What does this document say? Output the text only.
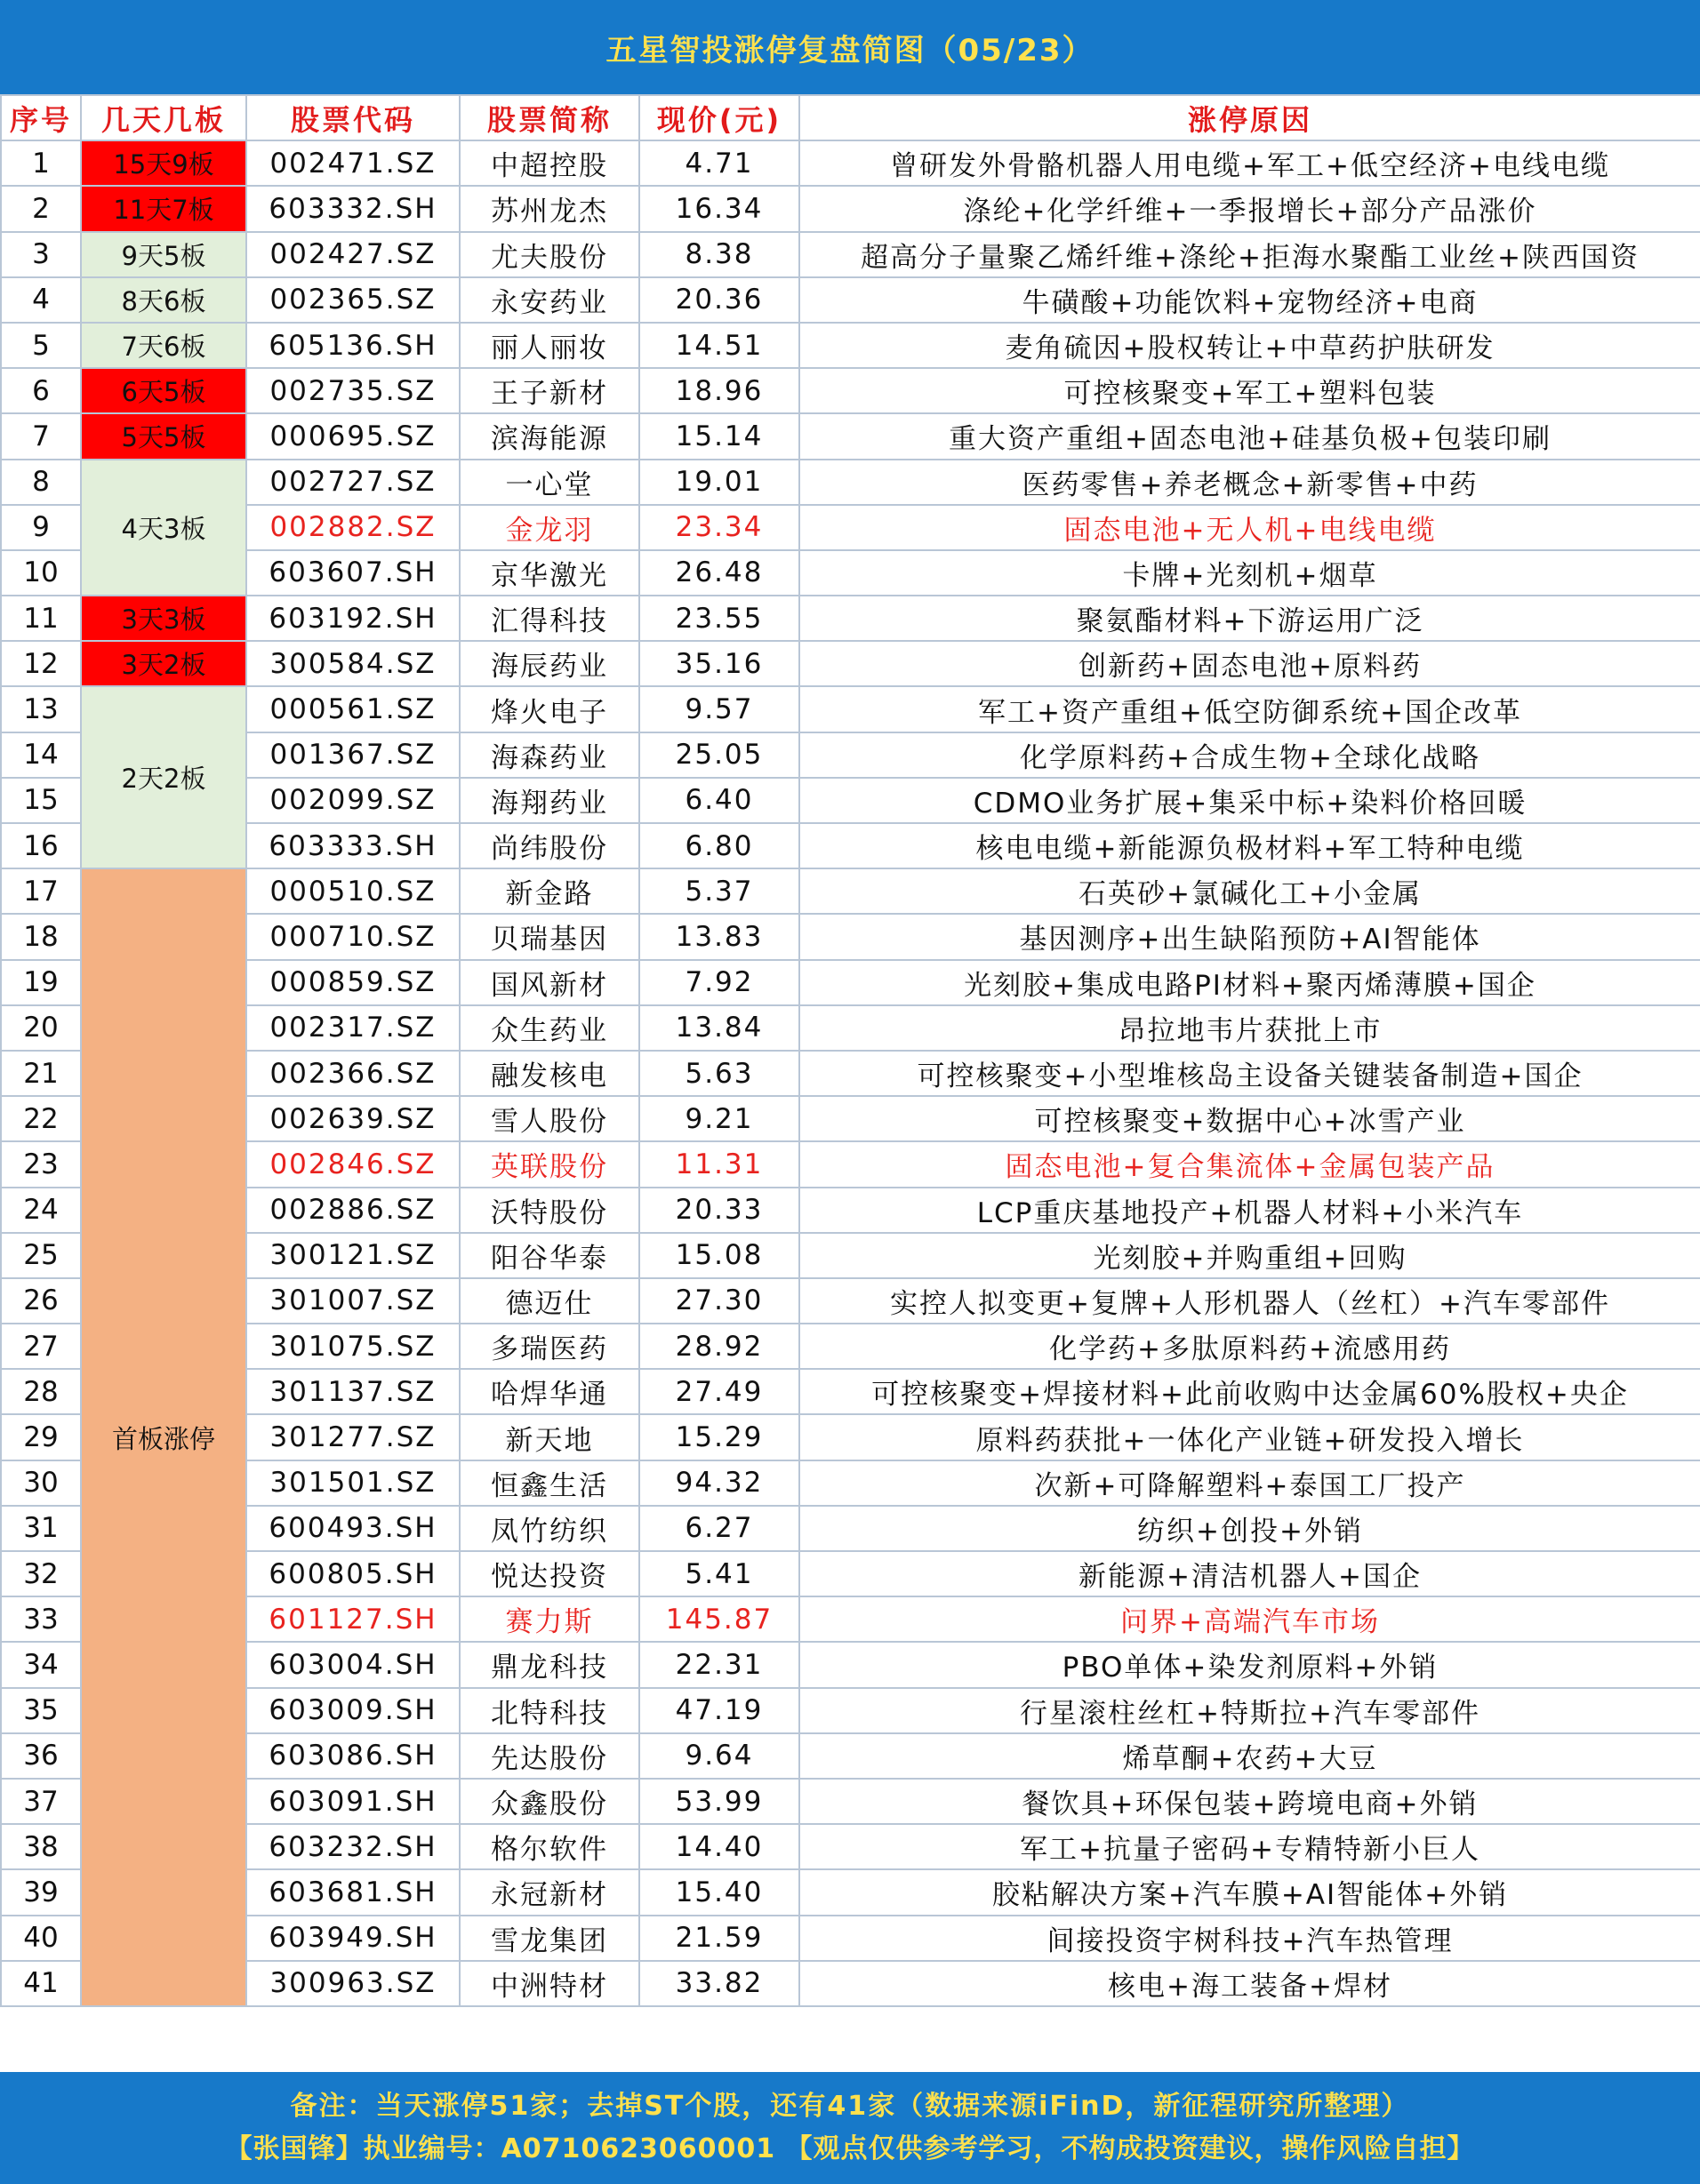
五星智投涨停复盘简图（05/23）
序号	几天几板	股票代码	股票简称	现价(元)	涨停原因
1	15天9板	002471.SZ	中超控股	4.71	曾研发外骨骼机器人用电缆+军工+低空经济+电线电缆
2	11天7板	603332.SH	苏州龙杰	16.34	涤纶+化学纤维+一季报增长+部分产品涨价
3	9天5板	002427.SZ	尤夫股份	8.38	超高分子量聚乙烯纤维+涤纶+拒海水聚酯工业丝+陕西国资
4	8天6板	002365.SZ	永安药业	20.36	牛磺酸+功能饮料+宠物经济+电商
5	7天6板	605136.SH	丽人丽妆	14.51	麦角硫因+股权转让+中草药护肤研发
6	6天5板	002735.SZ	王子新材	18.96	可控核聚变+军工+塑料包装
7	5天5板	000695.SZ	滨海能源	15.14	重大资产重组+固态电池+硅基负极+包装印刷
8	4天3板	002727.SZ	一心堂	19.01	医药零售+养老概念+新零售+中药
9		002882.SZ	金龙羽	23.34	固态电池+无人机+电线电缆
10		603607.SH	京华激光	26.48	卡牌+光刻机+烟草
11	3天3板	603192.SH	汇得科技	23.55	聚氨酯材料+下游运用广泛
12	3天2板	300584.SZ	海辰药业	35.16	创新药+固态电池+原料药
13	2天2板	000561.SZ	烽火电子	9.57	军工+资产重组+低空防御系统+国企改革
14		001367.SZ	海森药业	25.05	化学原料药+合成生物+全球化战略
15		002099.SZ	海翔药业	6.40	CDMO业务扩展+集采中标+染料价格回暖
16		603333.SH	尚纬股份	6.80	核电电缆+新能源负极材料+军工特种电缆
17	首板涨停	000510.SZ	新金路	5.37	石英砂+氯碱化工+小金属
18		000710.SZ	贝瑞基因	13.83	基因测序+出生缺陷预防+AI智能体
19		000859.SZ	国风新材	7.92	光刻胶+集成电路PI材料+聚丙烯薄膜+国企
20		002317.SZ	众生药业	13.84	昂拉地韦片获批上市
21		002366.SZ	融发核电	5.63	可控核聚变+小型堆核岛主设备关键装备制造+国企
22		002639.SZ	雪人股份	9.21	可控核聚变+数据中心+冰雪产业
23		002846.SZ	英联股份	11.31	固态电池+复合集流体+金属包装产品
24		002886.SZ	沃特股份	20.33	LCP重庆基地投产+机器人材料+小米汽车
25		300121.SZ	阳谷华泰	15.08	光刻胶+并购重组+回购
26		301007.SZ	德迈仕	27.30	实控人拟变更+复牌+人形机器人（丝杠）+汽车零部件
27		301075.SZ	多瑞医药	28.92	化学药+多肽原料药+流感用药
28		301137.SZ	哈焊华通	27.49	可控核聚变+焊接材料+此前收购中达金属60%股权+央企
29		301277.SZ	新天地	15.29	原料药获批+一体化产业链+研发投入增长
30		301501.SZ	恒鑫生活	94.32	次新+可降解塑料+泰国工厂投产
31		600493.SH	凤竹纺织	6.27	纺织+创投+外销
32		600805.SH	悦达投资	5.41	新能源+清洁机器人+国企
33		601127.SH	赛力斯	145.87	问界+高端汽车市场
34		603004.SH	鼎龙科技	22.31	PBO单体+染发剂原料+外销
35		603009.SH	北特科技	47.19	行星滚柱丝杠+特斯拉+汽车零部件
36		603086.SH	先达股份	9.64	烯草酮+农药+大豆
37		603091.SH	众鑫股份	53.99	餐饮具+环保包装+跨境电商+外销
38		603232.SH	格尔软件	14.40	军工+抗量子密码+专精特新小巨人
39		603681.SH	永冠新材	15.40	胶粘解决方案+汽车膜+AI智能体+外销
40		603949.SH	雪龙集团	21.59	间接投资宇树科技+汽车热管理
41		300963.SZ	中洲特材	33.82	核电+海工装备+焊材
备注：当天涨停51家；去掉ST个股，还有41家（数据来源iFinD，新征程研究所整理）
【张国锋】执业编号：A0710623060001 【观点仅供参考学习，不构成投资建议，操作风险自担】
